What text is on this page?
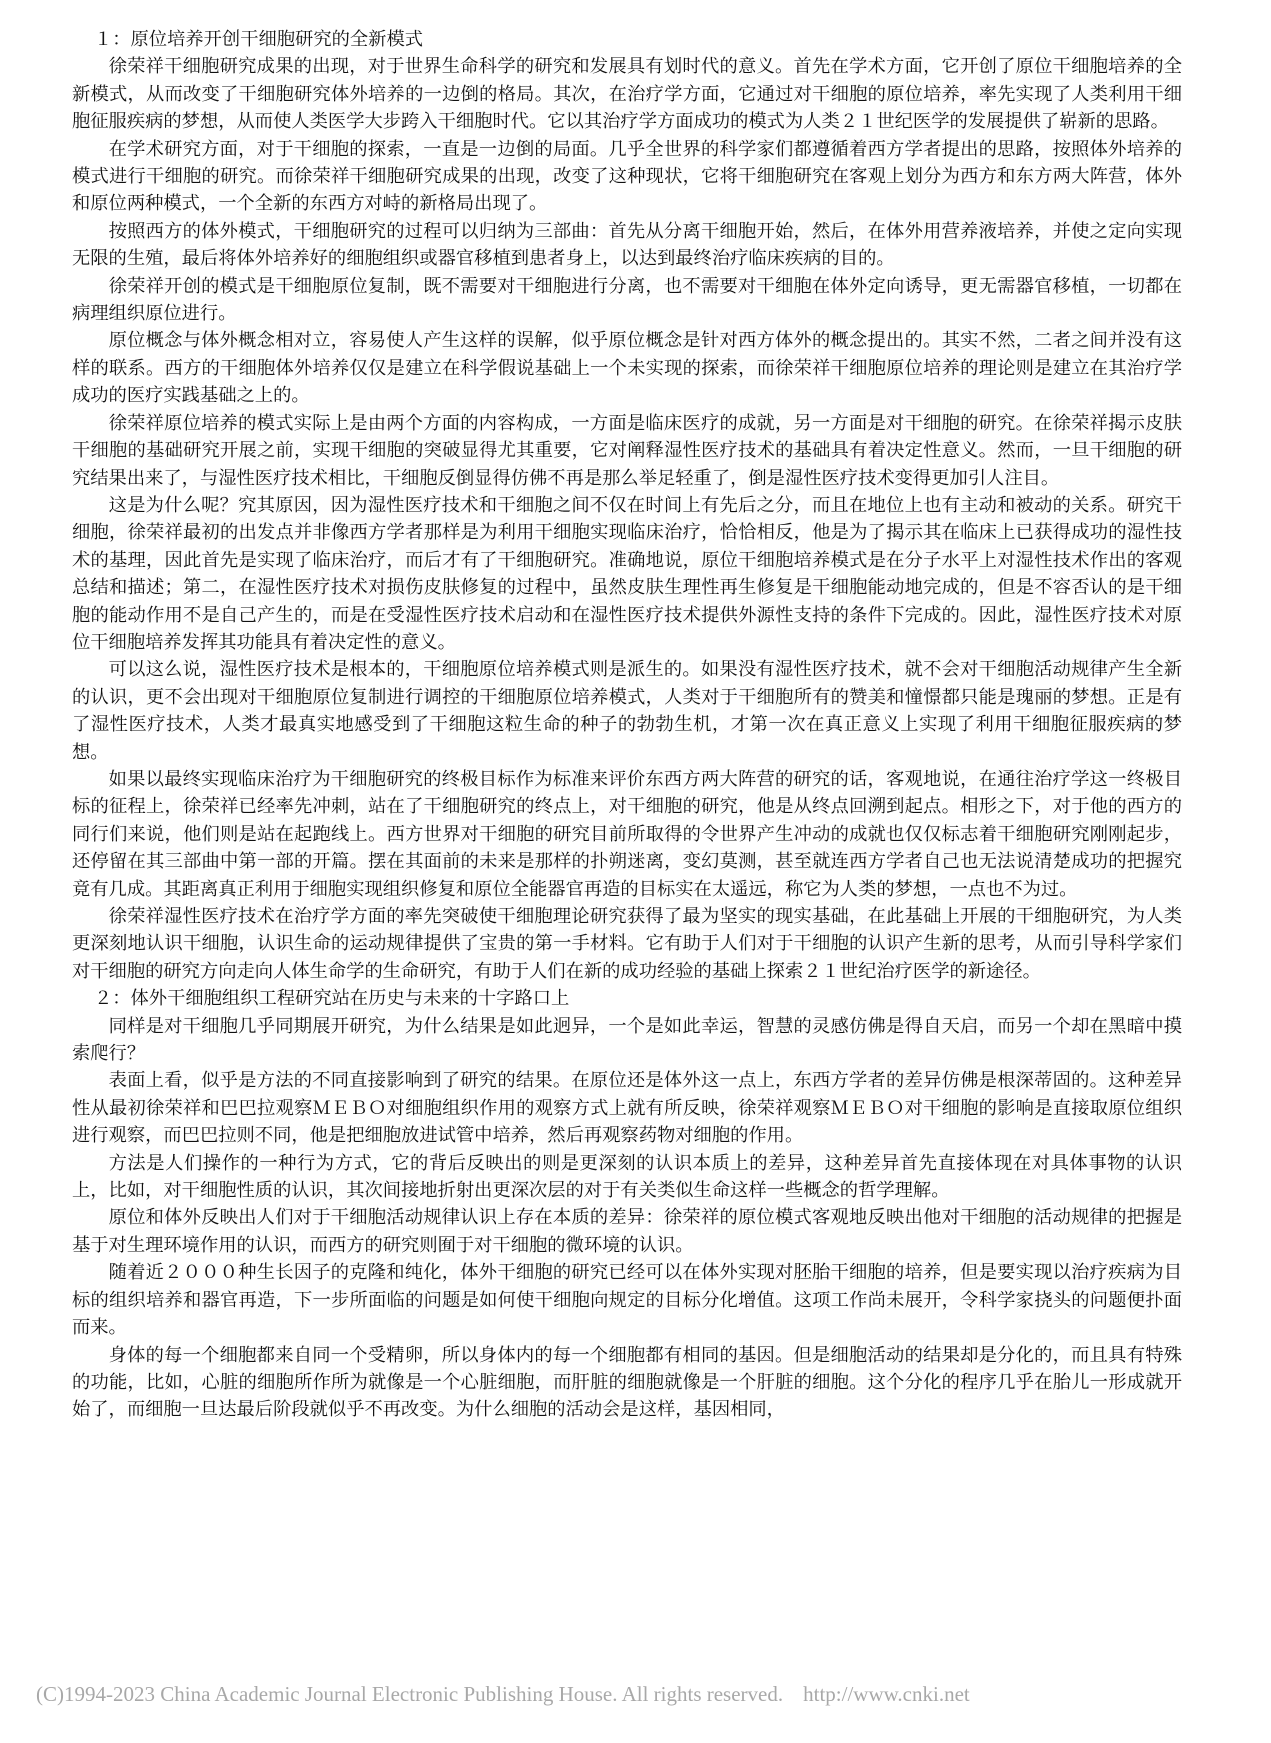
１：原位培养开创干细胞研究的全新模式

徐荣祥干细胞研究成果的出现，对于世界生命科学的研究和发展具有划时代的意义。首先在学术方面，它开创了原位干细胞培养的全新模式，从而改变了干细胞研究体外培养的一边倒的格局。其次，在治疗学方面，它通过对干细胞的原位培养，率先实现了人类利用干细胞征服疾病的梦想，从而使人类医学大步跨入干细胞时代。它以其治疗学方面成功的模式为人类２１世纪医学的发展提供了崭新的思路。

在学术研究方面，对于干细胞的探索，一直是一边倒的局面。几乎全世界的科学家们都遵循着西方学者提出的思路，按照体外培养的模式进行干细胞的研究。而徐荣祥干细胞研究成果的出现，改变了这种现状，它将干细胞研究在客观上划分为西方和东方两大阵营，体外和原位两种模式，一个全新的东西方对峙的新格局出现了。

按照西方的体外模式，干细胞研究的过程可以归纳为三部曲：首先从分离干细胞开始，然后，在体外用营养液培养，并使之定向实现无限的生殖，最后将体外培养好的细胞组织或器官移植到患者身上，以达到最终治疗临床疾病的目的。

徐荣祥开创的模式是干细胞原位复制，既不需要对干细胞进行分离，也不需要对干细胞在体外定向诱导，更无需器官移植，一切都在病理组织原位进行。

原位概念与体外概念相对立，容易使人产生这样的误解，似乎原位概念是针对西方体外的概念提出的。其实不然，二者之间并没有这样的联系。西方的干细胞体外培养仅仅是建立在科学假说基础上一个未实现的探索，而徐荣祥干细胞原位培养的理论则是建立在其治疗学成功的医疗实践基础之上的。

徐荣祥原位培养的模式实际上是由两个方面的内容构成，一方面是临床医疗的成就，另一方面是对干细胞的研究。在徐荣祥揭示皮肤干细胞的基础研究开展之前，实现干细胞的突破显得尤其重要，它对阐释湿性医疗技术的基础具有着决定性意义。然而，一旦干细胞的研究结果出来了，与湿性医疗技术相比，干细胞反倒显得仿佛不再是那么举足轻重了，倒是湿性医疗技术变得更加引人注目。

这是为什么呢？究其原因，因为湿性医疗技术和干细胞之间不仅在时间上有先后之分，而且在地位上也有主动和被动的关系。研究干细胞，徐荣祥最初的出发点并非像西方学者那样是为利用干细胞实现临床治疗，恰恰相反，他是为了揭示其在临床上已获得成功的湿性技术的基理，因此首先是实现了临床治疗，而后才有了干细胞研究。准确地说，原位干细胞培养模式是在分子水平上对湿性技术作出的客观总结和描述；第二，在湿性医疗技术对损伤皮肤修复的过程中，虽然皮肤生理性再生修复是干细胞能动地完成的，但是不容否认的是干细胞的能动作用不是自己产生的，而是在受湿性医疗技术启动和在湿性医疗技术提供外源性支持的条件下完成的。因此，湿性医疗技术对原位干细胞培养发挥其功能具有着决定性的意义。

可以这么说，湿性医疗技术是根本的，干细胞原位培养模式则是派生的。如果没有湿性医疗技术，就不会对干细胞活动规律产生全新的认识，更不会出现对干细胞原位复制进行调控的干细胞原位培养模式，人类对于干细胞所有的赞美和憧憬都只能是瑰丽的梦想。正是有了湿性医疗技术，人类才最真实地感受到了干细胞这粒生命的种子的勃勃生机，才第一次在真正意义上实现了利用干细胞征服疾病的梦想。

如果以最终实现临床治疗为干细胞研究的终极目标作为标准来评价东西方两大阵营的研究的话，客观地说，在通往治疗学这一终极目标的征程上，徐荣祥已经率先冲刺，站在了干细胞研究的终点上，对干细胞的研究，他是从终点回溯到起点。相形之下，对于他的西方的同行们来说，他们则是站在起跑线上。西方世界对干细胞的研究目前所取得的令世界产生冲动的成就也仅仅标志着干细胞研究刚刚起步，还停留在其三部曲中第一部的开篇。摆在其面前的未来是那样的扑朔迷离，变幻莫测，甚至就连西方学者自己也无法说清楚成功的把握究竟有几成。其距离真正利用于细胞实现组织修复和原位全能器官再造的目标实在太遥远，称它为人类的梦想，一点也不为过。

徐荣祥湿性医疗技术在治疗学方面的率先突破使干细胞理论研究获得了最为坚实的现实基础，在此基础上开展的干细胞研究，为人类更深刻地认识干细胞，认识生命的运动规律提供了宝贵的第一手材料。它有助于人们对于干细胞的认识产生新的思考，从而引导科学家们对干细胞的研究方向走向人体生命学的生命研究，有助于人们在新的成功经验的基础上探索２１世纪治疗医学的新途径。

２：体外干细胞组织工程研究站在历史与未来的十字路口上

同样是对干细胞几乎同期展开研究，为什么结果是如此迥异，一个是如此幸运，智慧的灵感仿佛是得自天启，而另一个却在黑暗中摸索爬行？

表面上看，似乎是方法的不同直接影响到了研究的结果。在原位还是体外这一点上，东西方学者的差异仿佛是根深蒂固的。这种差异性从最初徐荣祥和巴巴拉观察ＭＥＢＯ对细胞组织作用的观察方式上就有所反映，徐荣祥观察ＭＥＢＯ对干细胞的影响是直接取原位组织进行观察，而巴巴拉则不同，他是把细胞放进试管中培养，然后再观察药物对细胞的作用。

方法是人们操作的一种行为方式，它的背后反映出的则是更深刻的认识本质上的差异，这种差异首先直接体现在对具体事物的认识上，比如，对干细胞性质的认识，其次间接地折射出更深次层的对于有关类似生命这样一些概念的哲学理解。

原位和体外反映出人们对于干细胞活动规律认识上存在本质的差异：徐荣祥的原位模式客观地反映出他对干细胞的活动规律的把握是基于对生理环境作用的认识，而西方的研究则囿于对干细胞的微环境的认识。

随着近２０００种生长因子的克隆和纯化，体外干细胞的研究已经可以在体外实现对胚胎干细胞的培养，但是要实现以治疗疾病为目标的组织培养和器官再造，下一步所面临的问题是如何使干细胞向规定的目标分化增值。这项工作尚未展开，令科学家挠头的问题便扑面而来。

身体的每一个细胞都来自同一个受精卵，所以身体内的每一个细胞都有相同的基因。但是细胞活动的结果却是分化的，而且具有特殊的功能，比如，心脏的细胞所作所为就像是一个心脏细胞，而肝脏的细胞就像是一个肝脏的细胞。这个分化的程序几乎在胎儿一形成就开始了，而细胞一旦达最后阶段就似乎不再改变。为什么细胞的活动会是这样，基因相同，

(C)1994-2023 China Academic Journal Electronic Publishing House. All rights reserved. http://www.cnki.net
